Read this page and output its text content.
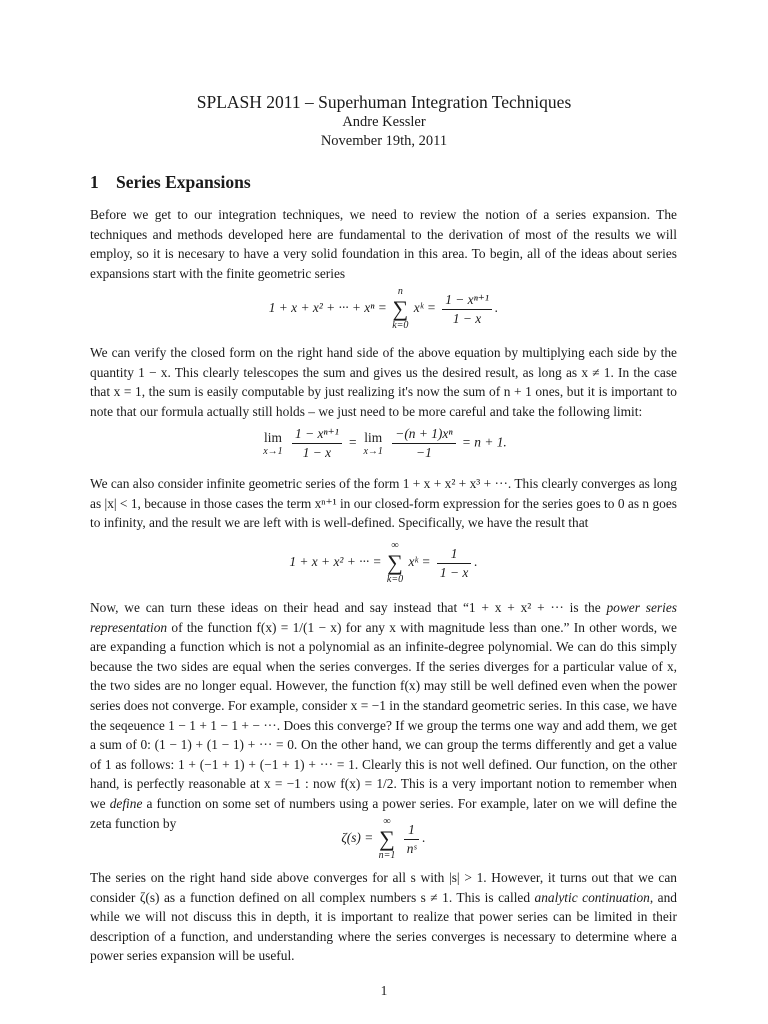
SPLASH 2011 – Superhuman Integration Techniques
Andre Kessler
November 19th, 2011
1 Series Expansions
Before we get to our integration techniques, we need to review the notion of a series expansion. The techniques and methods developed here are fundamental to the derivation of most of the results we will employ, so it is necesary to have a very solid foundation in this area. To begin, all of the ideas about series expansions start with the finite geometric series
1 + x + x² + ··· + xⁿ =
n
∑
k=0
xᵏ = $\frac{\text{1 − xⁿ⁺¹}}{1 - x}$ .
We can verify the closed form on the right hand side of the above equation by multiplying each side by the quantity 1 − x. This clearly telescopes the sum and gives us the desired result, as long as x ≠ 1. In the case that x = 1, the sum is easily computable by just realizing it's now the sum of n + 1 ones, but it is important to note that our formula actually still holds – we just need to be more careful and take the following limit:
lim
x→1
$\frac{\text{1 − xⁿ⁺¹}}{1 - x} = \lim$
x→1
$\frac{\text{−(n + 1)xⁿ}}{-1} = n + 1$.
We can also consider infinite geometric series of the form 1 + x + x² + x³ + ···. This clearly converges as long as |x| < 1, because in those cases the term xⁿ⁺¹ in our closed-form expression for the series goes to 0 as n goes to infinity, and the result we are left with is well-defined. Specifically, we have the result that
1 + x + x² + ··· =
∞
∑
k=0
xᵏ = $\frac{1}{1 - x}$ .
Now, we can turn these ideas on their head and say instead that “1 + x + x² + ··· is the power series representation of the function f(x) = 1/(1 − x) for any x with magnitude less than one.” In other words, we are expanding a function which is not a polynomial as an infinite-degree polynomial. We can do this simply because the two sides are equal when the series converges. If the series diverges for a particular value of x, the two sides are no longer equal. However, the function f(x) may still be well defined even when the power series does not converge. For example, consider x = −1 in the standard geometric series. In this case, we have the seqeuence 1 − 1 + 1 − 1 + − ···. Does this converge? If we group the terms one way and add them, we get a sum of 0: (1 − 1) + (1 − 1) + ··· = 0. On the other hand, we can group the terms differently and get a value of 1 as follows: 1 + (−1 + 1) + (−1 + 1) + ··· = 1. Clearly this is not well defined. Our function, on the other hand, is perfectly reasonable at x = −1 : now f(x) = 1/2. This is a very important notion to remember when we define a function on some set of numbers using a power series. For example, later on we will define the zeta function by
ζ(s) =
∞
∑
n=1
$\frac{1}{\text{nˢ}}$ .
The series on the right hand side above converges for all s with |s| > 1. However, it turns out that we can consider ζ(s) as a function defined on all complex numbers s ≠ 1. This is called analytic continuation, and while we will not discuss this in depth, it is important to realize that power series can be limited in their description of a function, and understanding where the series converges is necessary to determine where a power series expansion will be useful.
1
